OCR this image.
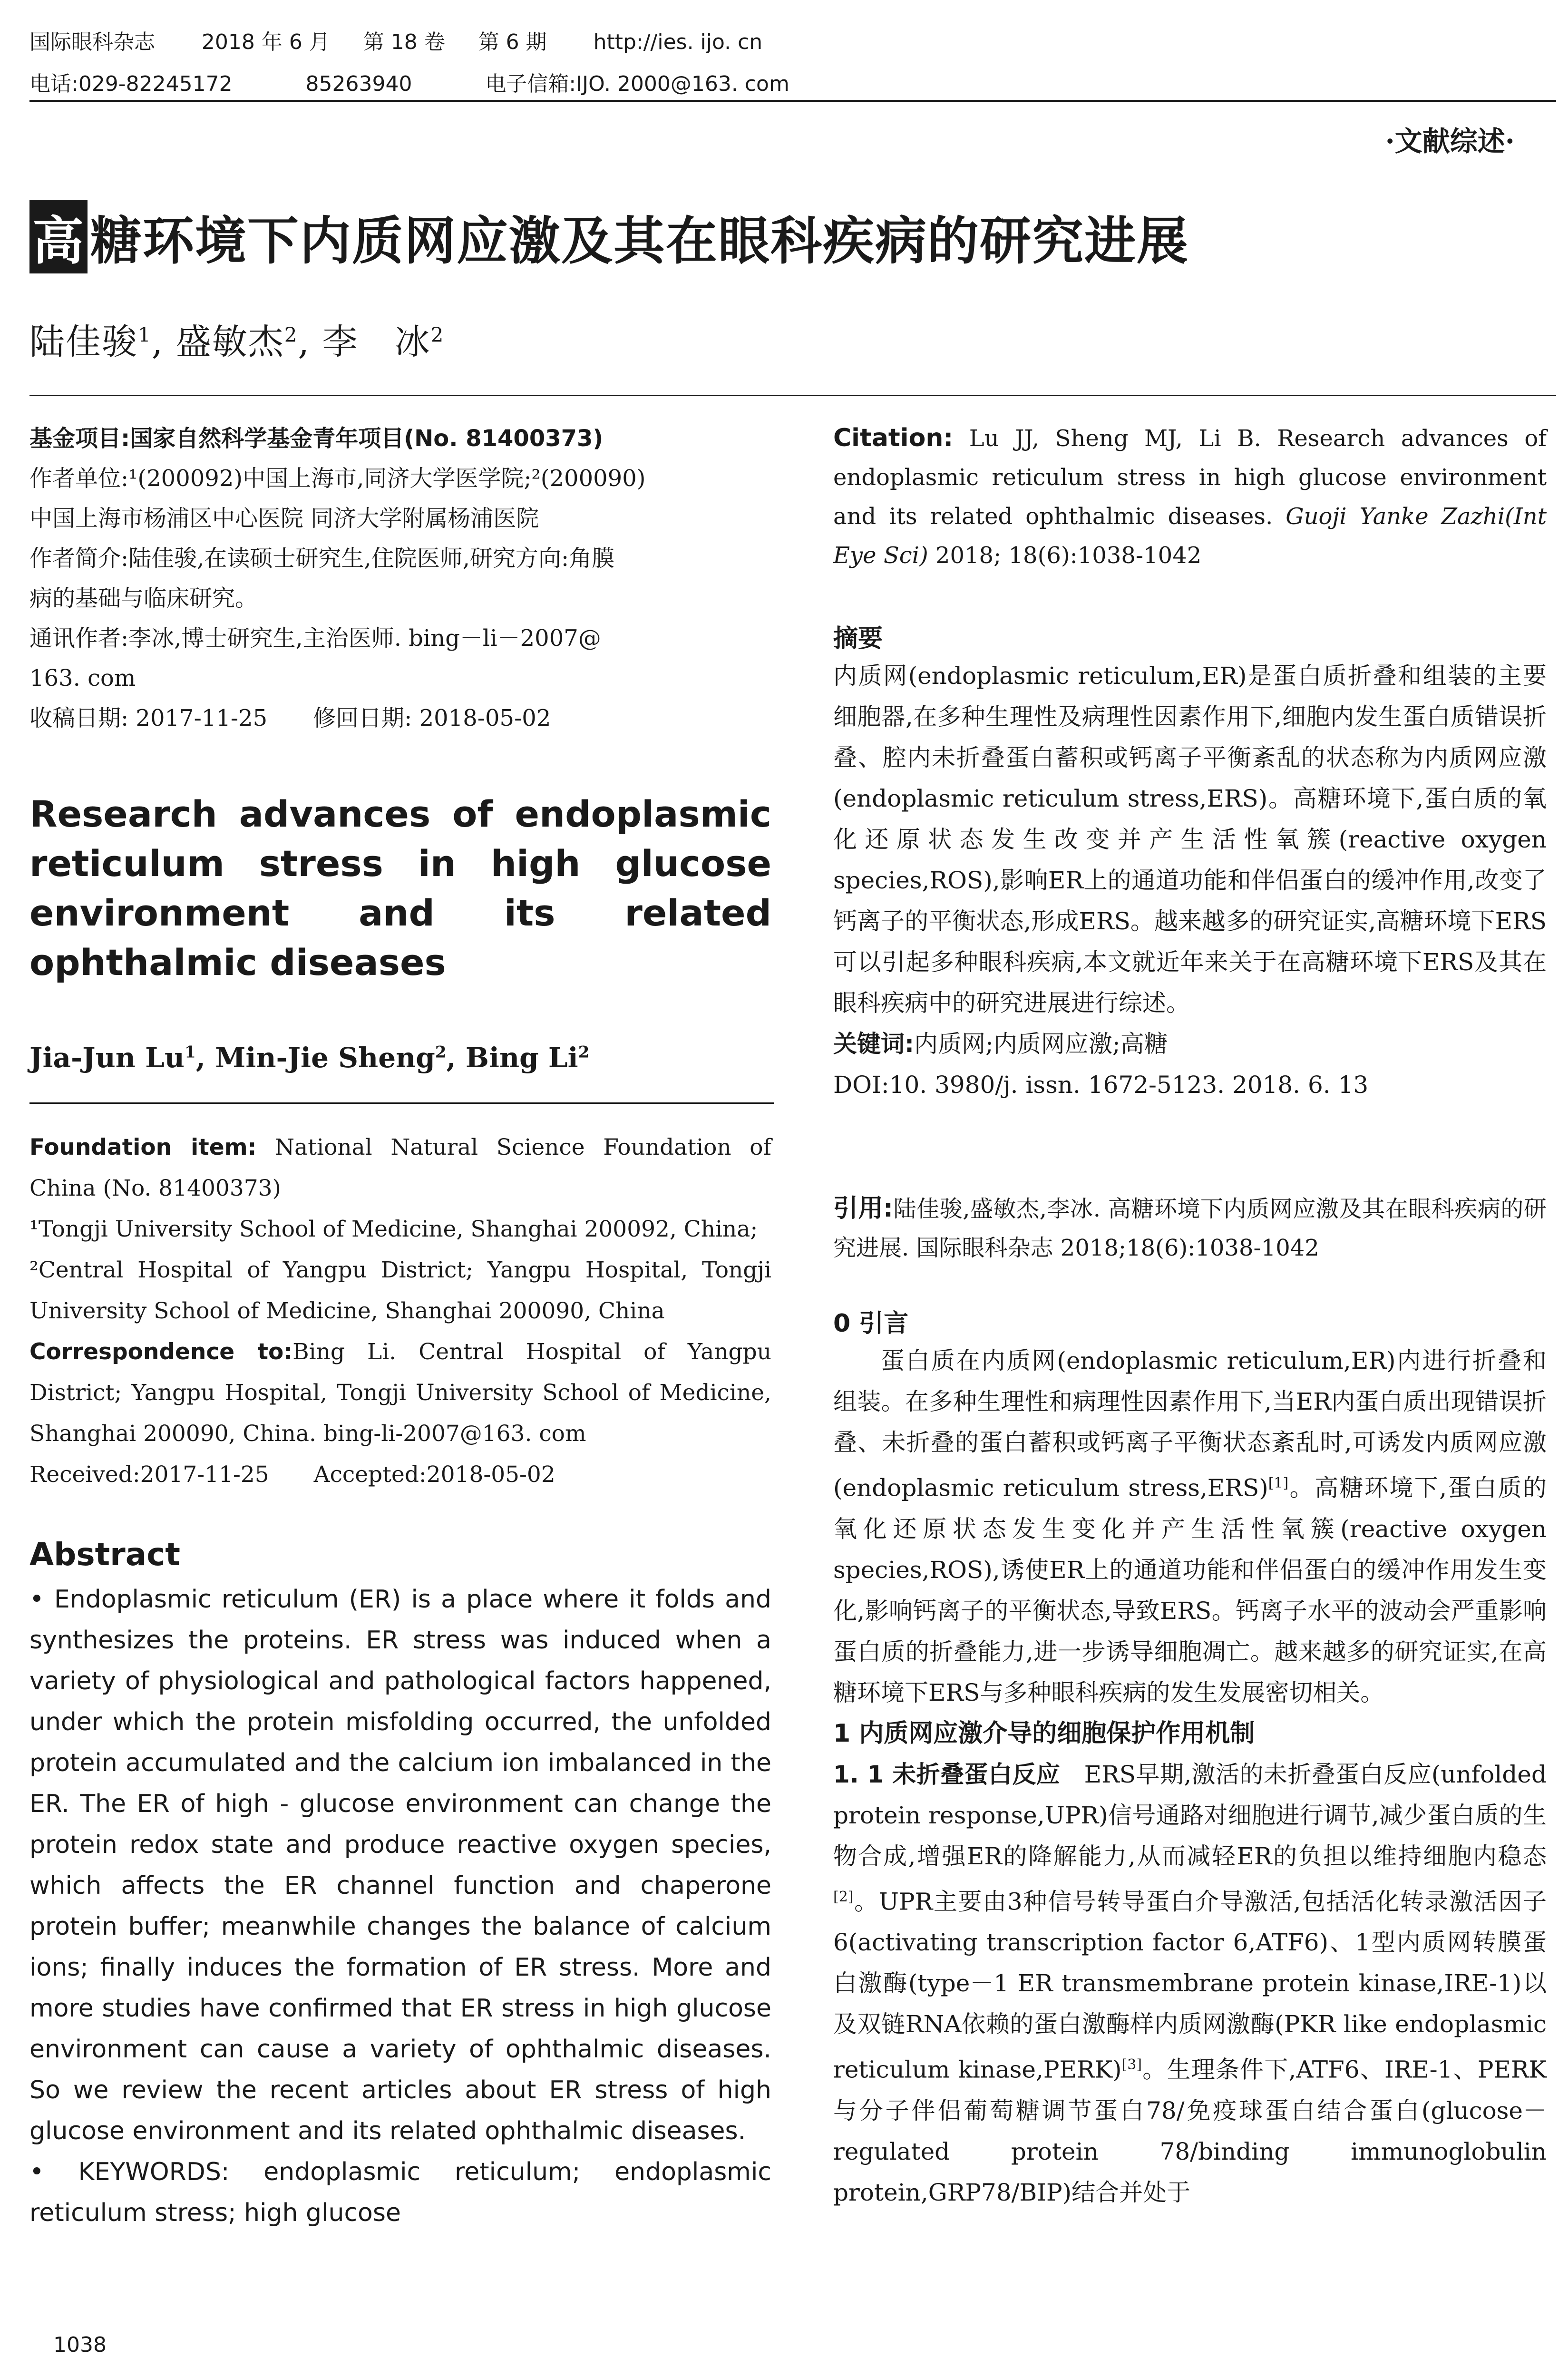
国际眼科杂志 2018 年 6 月 第 18 卷 第 6 期 http://ies. ijo. cn
电话:029-82245172	85263940	电子信箱:IJO. 2000@163. com
·文献综述·
高 糖环境下内质网应激及其在眼科疾病的研究进展
陆佳骏$^1$, 盛敏杰$^2$, 李　冰$^2$

基金项目:国家自然科学基金青年项目(No. 81400373)

作者单位:¹(200092)中国上海市,同济大学医学院;²(200090)

中国上海市杨浦区中心医院 同济大学附属杨浦医院

作者简介:陆佳骏,在读硕士研究生,住院医师,研究方向:角膜

病的基础与临床研究。

通讯作者:李冰,博士研究生,主治医师. bing－li－2007@

163. com

收稿日期: 2017-11-25　　修回日期: 2018-05-02

Research advances of endoplasmic
reticulum stress in high glucose
environment and its related
ophthalmic diseases
Jia-Jun Lu$^1$, Min-Jie Sheng$^2$, Bing Li$^2$

Foundation item: National Natural Science Foundation of China (No. 81400373)

¹Tongji University School of Medicine, Shanghai 200092, China;

²Central Hospital of Yangpu District; Yangpu Hospital, Tongji University School of Medicine, Shanghai 200090, China

Correspondence to:Bing Li. Central Hospital of Yangpu District; Yangpu Hospital, Tongji University School of Medicine, Shanghai 200090, China. bing-li-2007@163. com

Received:2017-11-25　　Accepted:2018-05-02

Abstract

• Endoplasmic reticulum (ER) is a place where it folds and synthesizes the proteins. ER stress was induced when a variety of physiological and pathological factors happened, under which the protein misfolding occurred, the unfolded protein accumulated and the calcium ion imbalanced in the ER. The ER of high - glucose environment can change the protein redox state and produce reactive oxygen species, which affects the ER channel function and chaperone protein buffer; meanwhile changes the balance of calcium ions; finally induces the formation of ER stress. More and more studies have confirmed that ER stress in high glucose environment can cause a variety of ophthalmic diseases. So we review the recent articles about ER stress of high glucose environment and its related ophthalmic diseases.

• KEYWORDS: endoplasmic reticulum; endoplasmic reticulum stress; high glucose

Citation: Lu JJ, Sheng MJ, Li B. Research advances of endoplasmic reticulum stress in high glucose environment and its related ophthalmic diseases. Guoji Yanke Zazhi(Int Eye Sci) 2018; 18(6):1038-1042

摘要

内质网(endoplasmic reticulum,ER)是蛋白质折叠和组装的主要细胞器,在多种生理性及病理性因素作用下,细胞内发生蛋白质错误折叠、腔内未折叠蛋白蓄积或钙离子平衡紊乱的状态称为内质网应激(endoplasmic reticulum stress,ERS)。高糖环境下,蛋白质的氧化还原状态发生改变并产生活性氧簇(reactive oxygen species,ROS),影响ER上的通道功能和伴侣蛋白的缓冲作用,改变了钙离子的平衡状态,形成ERS。越来越多的研究证实,高糖环境下ERS可以引起多种眼科疾病,本文就近年来关于在高糖环境下ERS及其在眼科疾病中的研究进展进行综述。

关键词:内质网;内质网应激;高糖

DOI:10. 3980/j. issn. 1672-5123. 2018. 6. 13

引用:陆佳骏,盛敏杰,李冰. 高糖环境下内质网应激及其在眼科疾病的研究进展. 国际眼科杂志 2018;18(6):1038-1042

0 引言

蛋白质在内质网(endoplasmic reticulum,ER)内进行折叠和组装。在多种生理性和病理性因素作用下,当ER内蛋白质出现错误折叠、未折叠的蛋白蓄积或钙离子平衡状态紊乱时,可诱发内质网应激(endoplasmic reticulum stress,ERS)[1]。高糖环境下,蛋白质的氧化还原状态发生变化并产生活性氧簇(reactive oxygen species,ROS),诱使ER上的通道功能和伴侣蛋白的缓冲作用发生变化,影响钙离子的平衡状态,导致ERS。钙离子水平的波动会严重影响蛋白质的折叠能力,进一步诱导细胞凋亡。越来越多的研究证实,在高糖环境下ERS与多种眼科疾病的发生发展密切相关。

1 内质网应激介导的细胞保护作用机制

1. 1 未折叠蛋白反应　ERS早期,激活的未折叠蛋白反应(unfolded protein response,UPR)信号通路对细胞进行调节,减少蛋白质的生物合成,增强ER的降解能力,从而减轻ER的负担以维持细胞内稳态[2]。UPR主要由3种信号转导蛋白介导激活,包括活化转录激活因子6(activating transcription factor 6,ATF6)、1型内质网转膜蛋白激酶(type－1 ER transmembrane protein kinase,IRE-1)以及双链RNA依赖的蛋白激酶样内质网激酶(PKR like endoplasmic reticulum kinase,PERK)[3]。生理条件下,ATF6、IRE-1、PERK与分子伴侣葡萄糖调节蛋白78/免疫球蛋白结合蛋白(glucose－regulated protein 78/binding immunoglobulin protein,GRP78/BIP)结合并处于

1038
